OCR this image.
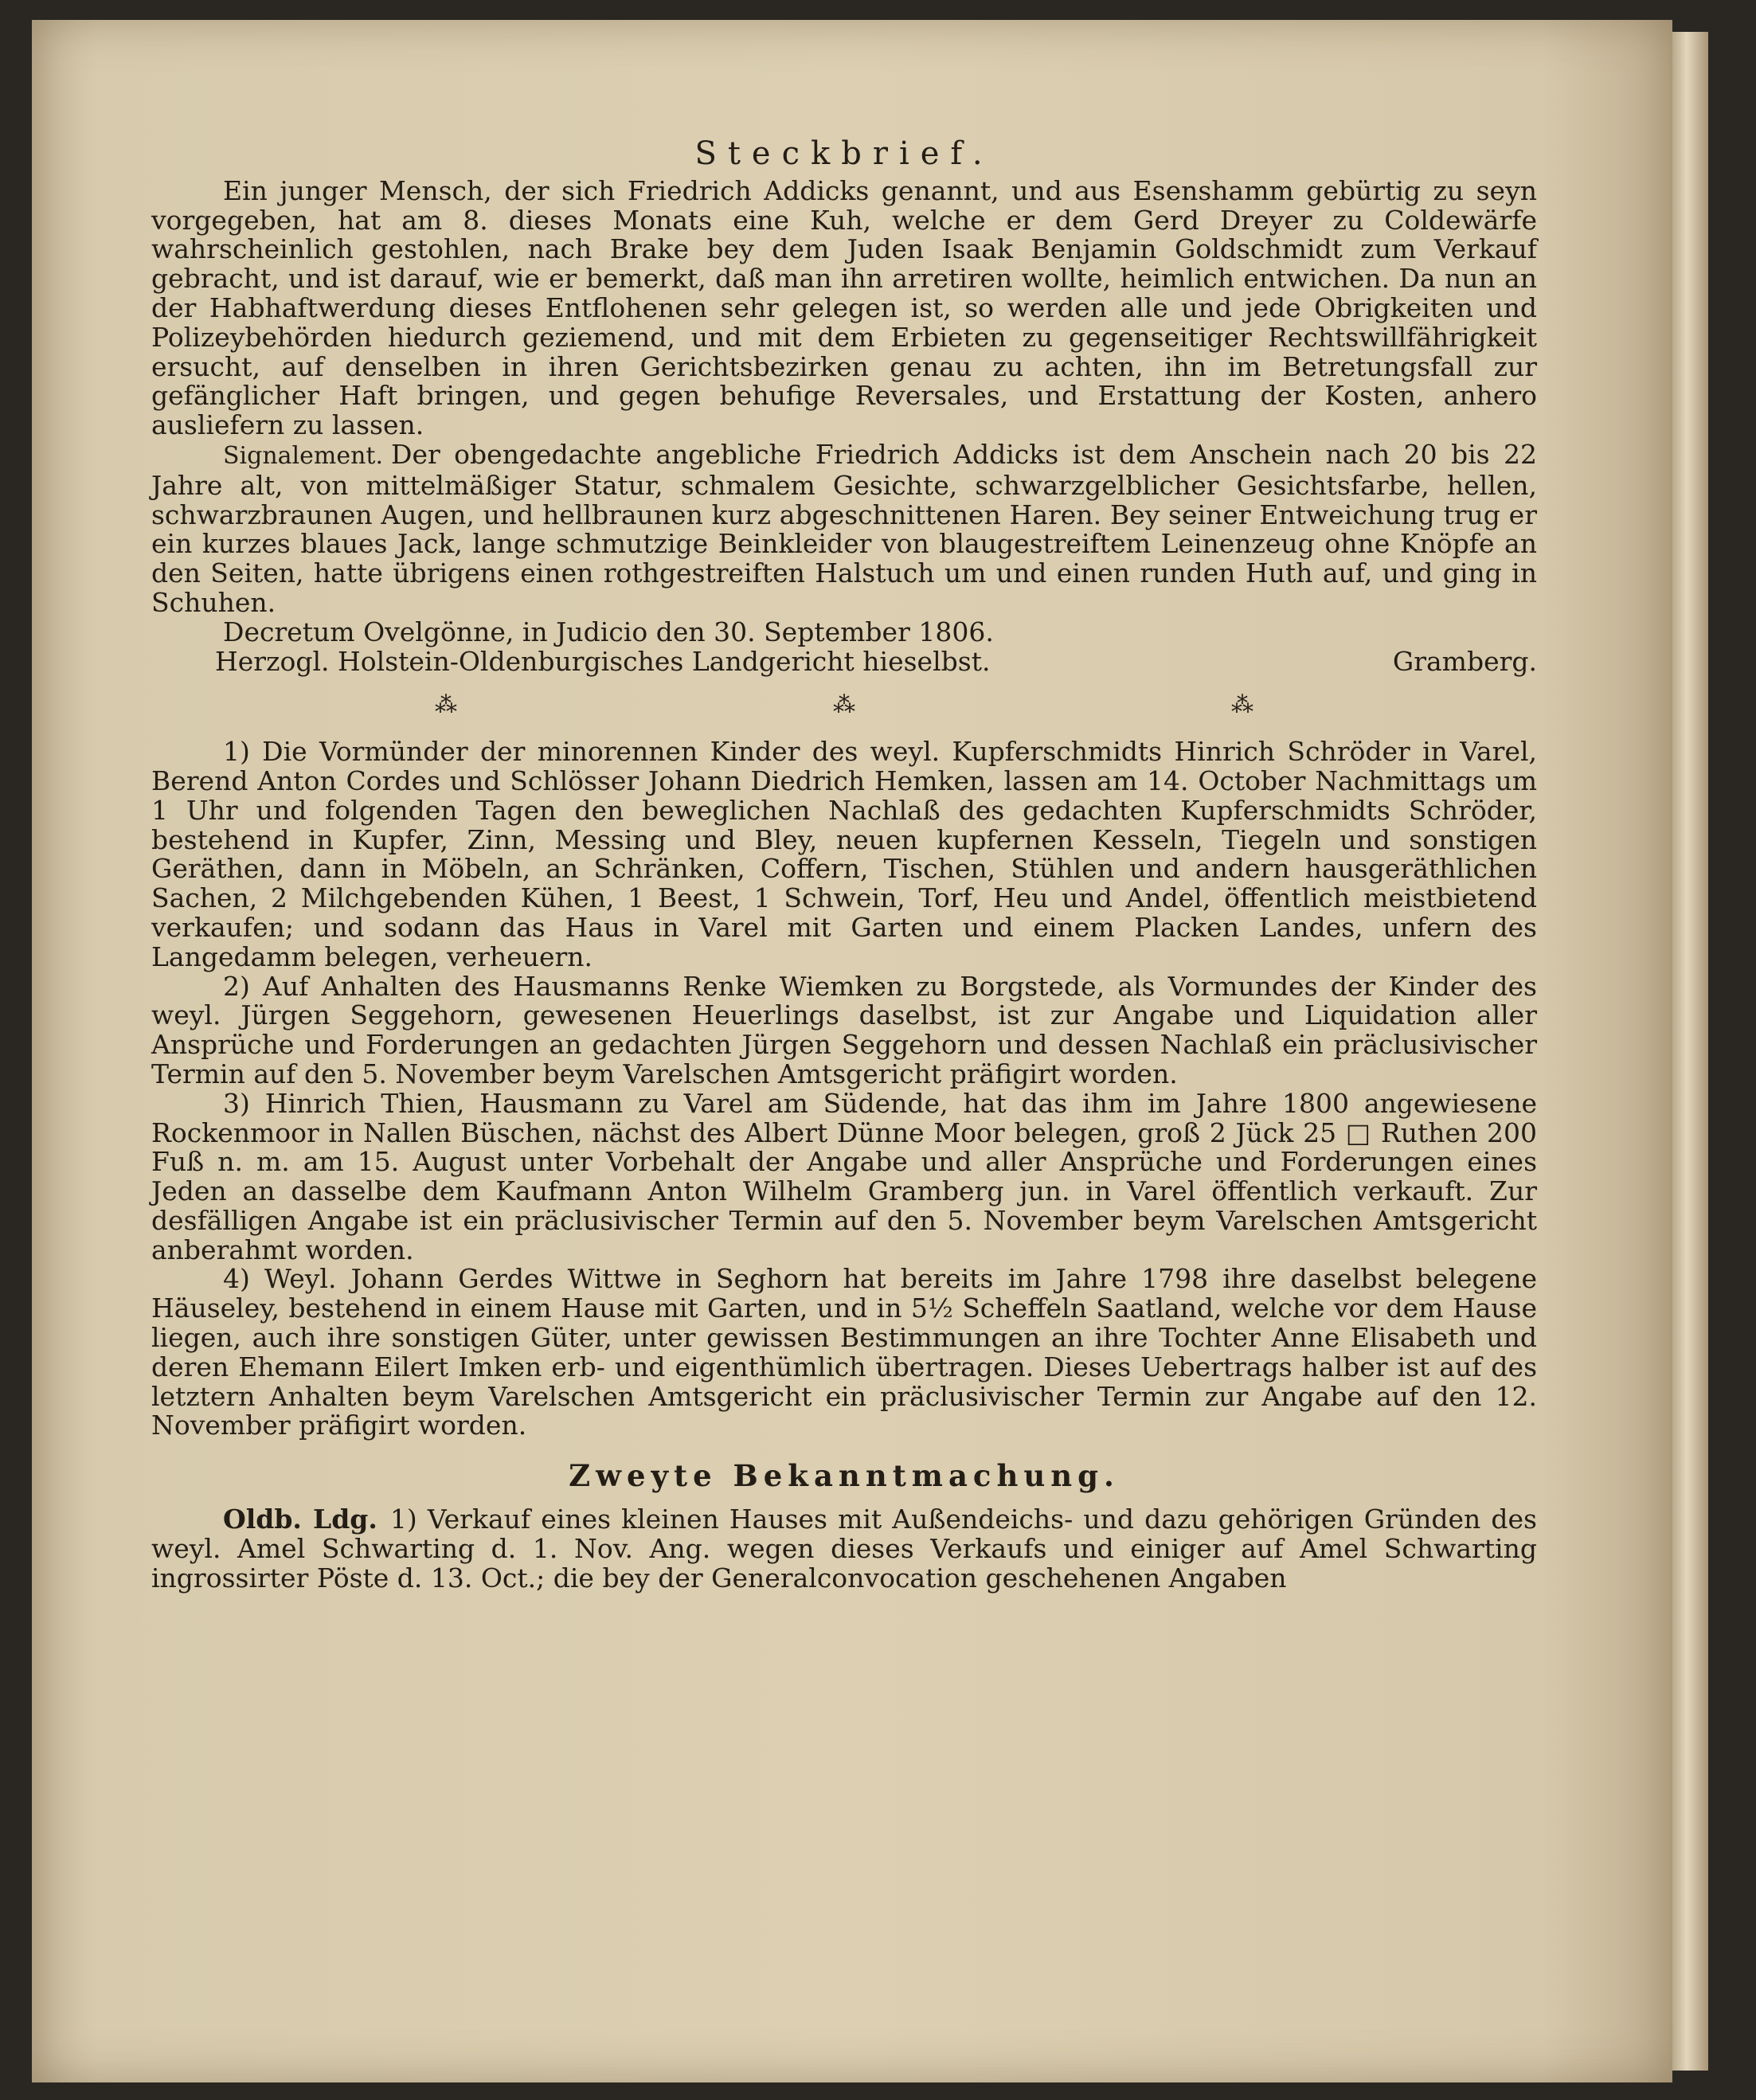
Steckbrief.

Ein junger Mensch, der sich Friedrich Addicks genannt, und aus Esenshamm gebürtig zu seyn vorgegeben, hat am 8. dieses Monats eine Kuh, welche er dem Gerd Dreyer zu Coldewärfe wahrscheinlich gestohlen, nach Brake bey dem Juden Isaak Benjamin Goldschmidt zum Verkauf gebracht, und ist darauf, wie er bemerkt, daß man ihn arretiren wollte, heimlich entwichen. Da nun an der Habhaftwerdung dieses Entflohenen sehr gelegen ist, so werden alle und jede Obrigkeiten und Polizeybehörden hiedurch geziemend, und mit dem Erbieten zu gegenseitiger Rechtswillfährigkeit ersucht, auf denselben in ihren Gerichtsbezirken genau zu achten, ihn im Betretungsfall zur gefänglicher Haft bringen, und gegen behufige Reversales, und Erstattung der Kosten, anhero ausliefern zu lassen.

Signalement. Der obengedachte angebliche Friedrich Addicks ist dem Anschein nach 20 bis 22 Jahre alt, von mittelmäßiger Statur, schmalem Gesichte, schwarzgelblicher Gesichtsfarbe, hellen, schwarzbraunen Augen, und hellbraunen kurz abgeschnittenen Haren. Bey seiner Entweichung trug er ein kurzes blaues Jack, lange schmutzige Beinkleider von blaugestreiftem Leinenzeug ohne Knöpfe an den Seiten, hatte übrigens einen rothgestreiften Halstuch um und einen runden Huth auf, und ging in Schuhen.

Decretum Ovelgönne, in Judicio den 30. September 1806.

Herzogl. Holstein-Oldenburgisches Landgericht hieselbst.	Gramberg.
⁂	⁂	⁂

1) Die Vormünder der minorennen Kinder des weyl. Kupferschmidts Hinrich Schröder in Varel, Berend Anton Cordes und Schlösser Johann Diedrich Hemken, lassen am 14. October Nachmittags um 1 Uhr und folgenden Tagen den beweglichen Nachlaß des gedachten Kupferschmidts Schröder, bestehend in Kupfer, Zinn, Messing und Bley, neuen kupfernen Kesseln, Tiegeln und sonstigen Geräthen, dann in Möbeln, an Schränken, Coffern, Tischen, Stühlen und andern hausgeräthlichen Sachen, 2 Milchgebenden Kühen, 1 Beest, 1 Schwein, Torf, Heu und Andel, öffentlich meistbietend verkaufen; und sodann das Haus in Varel mit Garten und einem Placken Landes, unfern des Langedamm belegen, verheuern.

2) Auf Anhalten des Hausmanns Renke Wiemken zu Borgstede, als Vormundes der Kinder des weyl. Jürgen Seggehorn, gewesenen Heuerlings daselbst, ist zur Angabe und Liquidation aller Ansprüche und Forderungen an gedachten Jürgen Seggehorn und dessen Nachlaß ein präclusivischer Termin auf den 5. November beym Varelschen Amtsgericht präfigirt worden.

3) Hinrich Thien, Hausmann zu Varel am Südende, hat das ihm im Jahre 1800 angewiesene Rockenmoor in Nallen Büschen, nächst des Albert Dünne Moor belegen, groß 2 Jück 25 □ Ruthen 200 Fuß n. m. am 15. August unter Vorbehalt der Angabe und aller Ansprüche und Forderungen eines Jeden an dasselbe dem Kaufmann Anton Wilhelm Gramberg jun. in Varel öffentlich verkauft. Zur desfälligen Angabe ist ein präclusivischer Termin auf den 5. November beym Varelschen Amtsgericht anberahmt worden.

4) Weyl. Johann Gerdes Wittwe in Seghorn hat bereits im Jahre 1798 ihre daselbst belegene Häuseley, bestehend in einem Hause mit Garten, und in 5½ Scheffeln Saatland, welche vor dem Hause liegen, auch ihre sonstigen Güter, unter gewissen Bestimmungen an ihre Tochter Anne Elisabeth und deren Ehemann Eilert Imken erb- und eigenthümlich übertragen. Dieses Uebertrags halber ist auf des letztern Anhalten beym Varelschen Amtsgericht ein präclusivischer Termin zur Angabe auf den 12. November präfigirt worden.

Zweyte Bekanntmachung.

Oldb. Ldg. 1) Verkauf eines kleinen Hauses mit Außendeichs- und dazu gehörigen Gründen des weyl. Amel Schwarting d. 1. Nov. Ang. wegen dieses Verkaufs und einiger auf Amel Schwarting ingrossirter Pöste d. 13. Oct.; die bey der Generalconvocation geschehenen Angaben
